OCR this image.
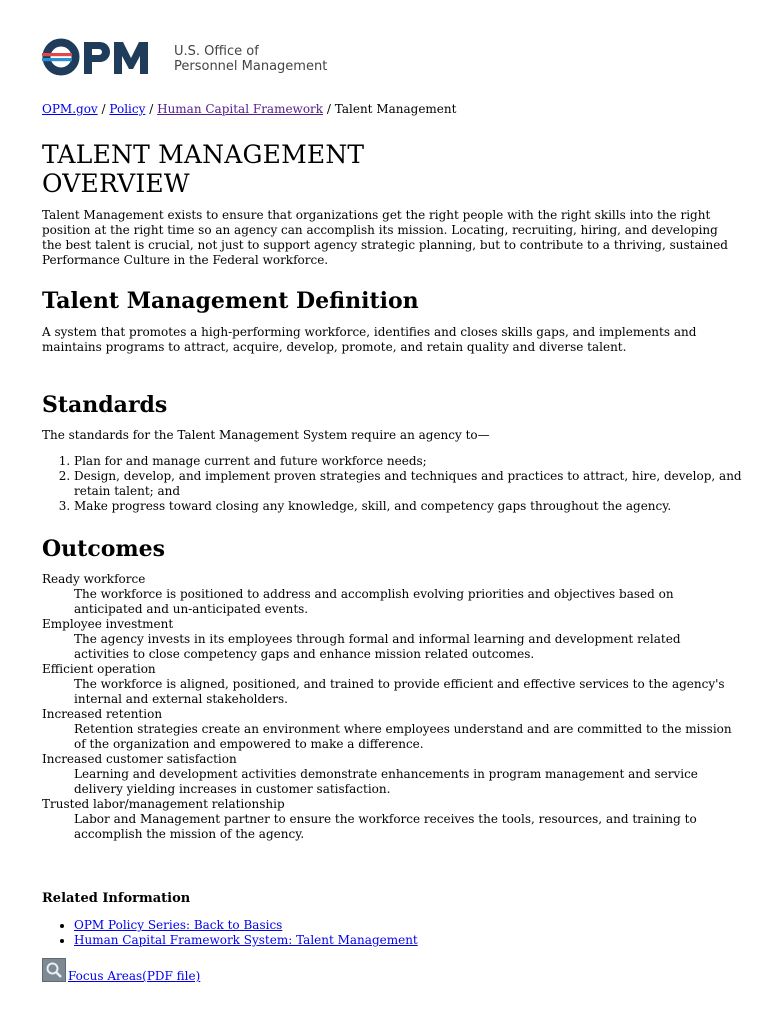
U.S. Office of
Personnel Management
OPM.gov / Policy / Human Capital Framework / Talent Management
TALENT MANAGEMENT
OVERVIEW

Talent Management exists to ensure that organizations get the right people with the right skills into the right position at the right time so an agency can accomplish its mission. Locating, recruiting, hiring, and developing the best talent is crucial, not just to support agency strategic planning, but to contribute to a thriving, sustained Performance Culture in the Federal workforce.

Talent Management Definition

A system that promotes a high-performing workforce, identifies and closes skills gaps, and implements and maintains programs to attract, acquire, develop, promote, and retain quality and diverse talent.

Standards

The standards for the Talent Management System require an agency to—

1. Plan for and manage current and future workforce needs;
2. Design, develop, and implement proven strategies and techniques and practices to attract, hire, develop, and retain talent; and
3. Make progress toward closing any knowledge, skill, and competency gaps throughout the agency.
Outcomes
Ready workforce
The workforce is positioned to address and accomplish evolving priorities and objectives based on anticipated and un-anticipated events.
Employee investment
The agency invests in its employees through formal and informal learning and development related activities to close competency gaps and enhance mission related outcomes.
Efficient operation
The workforce is aligned, positioned, and trained to provide efficient and effective services to the agency's internal and external stakeholders.
Increased retention
Retention strategies create an environment where employees understand and are committed to the mission of the organization and empowered to make a difference.
Increased customer satisfaction
Learning and development activities demonstrate enhancements in program management and service delivery yielding increases in customer satisfaction.
Trusted labor/management relationship
Labor and Management partner to ensure the workforce receives the tools, resources, and training to accomplish the mission of the agency.
Related Information
• OPM Policy Series: Back to Basics
• Human Capital Framework System: Talent Management
Focus Areas(PDF file)
